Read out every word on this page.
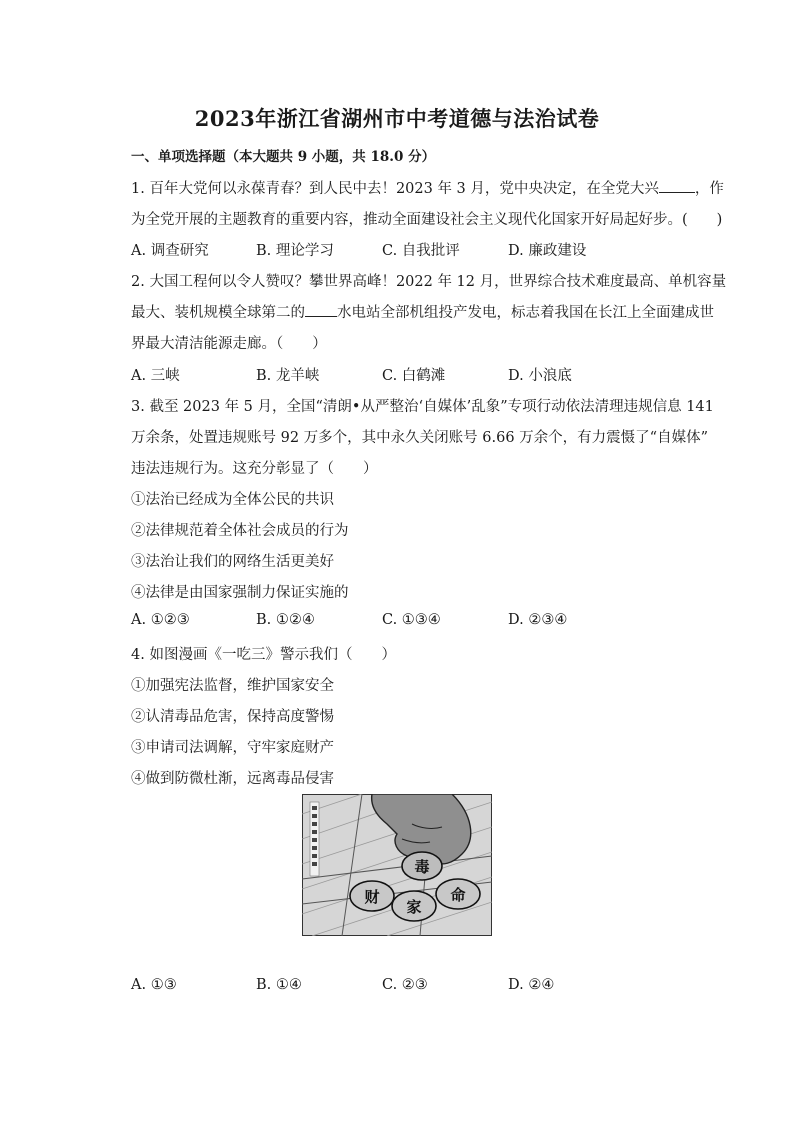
2023年浙江省湖州市中考道德与法治试卷
一、单项选择题（本大题共 9 小题，共 18.0 分）
1. 百年大党何以永葆青春？到人民中去！2023 年 3 月，党中央决定，在全党大兴 ，作
为全党开展的主题教育的重要内容，推动全面建设社会主义现代化国家开好局起好步。(　　)
A. 调查研究	B. 理论学习	C. 自我批评	D. 廉政建设
2. 大国工程何以令人赞叹？攀世界高峰！2022 年 12 月，世界综合技术难度最高、单机容量
最大、装机规模全球第二的 水电站全部机组投产发电，标志着我国在长江上全面建成世
界最大清洁能源走廊。（　　）
A. 三峡	B. 龙羊峡	C. 白鹤滩	D. 小浪底
3. 截至 2023 年 5 月，全国“清朗•从严整治‘自媒体’乱象”专项行动依法清理违规信息 141
万余条，处置违规账号 92 万多个，其中永久关闭账号 6.66 万余个，有力震慑了“自媒体”
违法违规行为。这充分彰显了（　　）
①法治已经成为全体公民的共识
②法律规范着全体社会成员的行为
③法治让我们的网络生活更美好
④法律是由国家强制力保证实施的
A. ①②③	B. ①②④	C. ①③④	D. ②③④
4. 如图漫画《一吃三》警示我们（　　）
①加强宪法监督，维护国家安全
②认清毒品危害，保持高度警惕
③申请司法调解，守牢家庭财产
④做到防微杜渐，远离毒品侵害
毒
财
家
命
A. ①③	B. ①④	C. ②③	D. ②④
